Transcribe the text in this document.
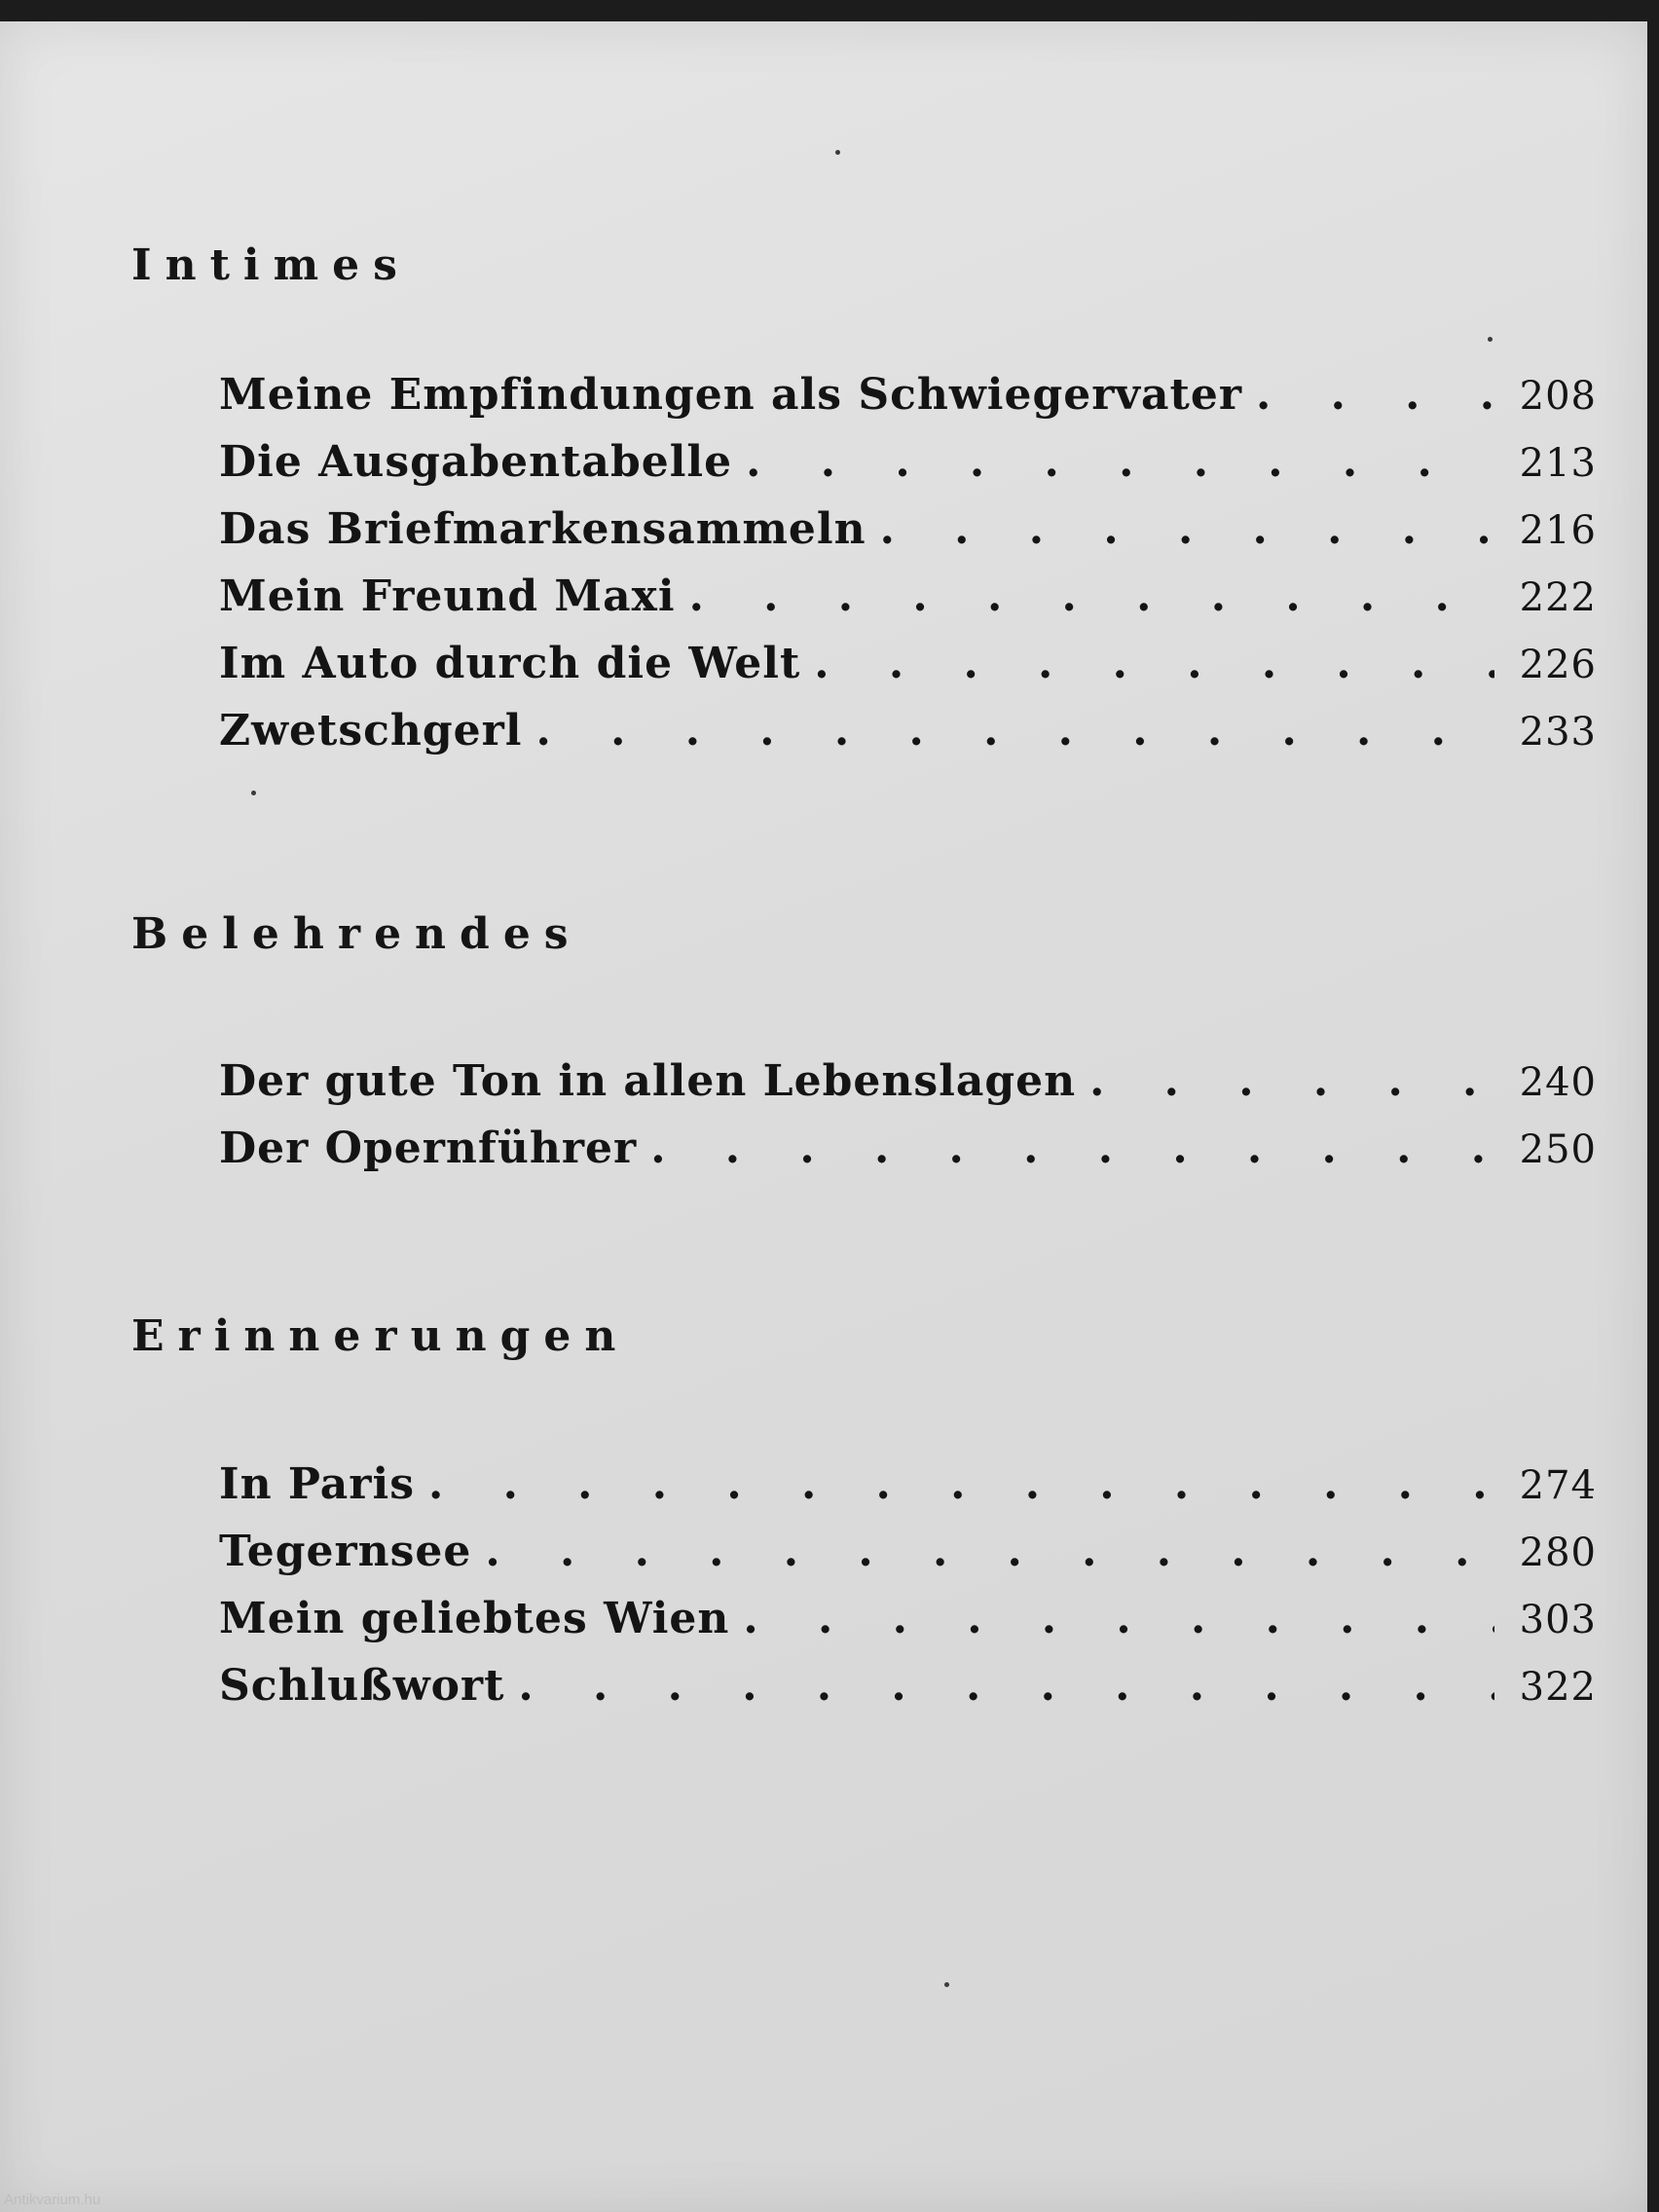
Intimes
Meine Empfindungen als Schwiegervater .	208
Die Ausgabentabelle .	213
Das Briefmarkensammeln .	216
Mein Freund Maxi .	222
Im Auto durch die Welt .	226
Zwetschgerl .	233
Belehrendes
Der gute Ton in allen Lebenslagen .	240
Der Opernführer .	250
Erinnerungen
In Paris .	274
Tegernsee .	280
Mein geliebtes Wien .	303
Schlußwort .	322
Antikvarium.hu
